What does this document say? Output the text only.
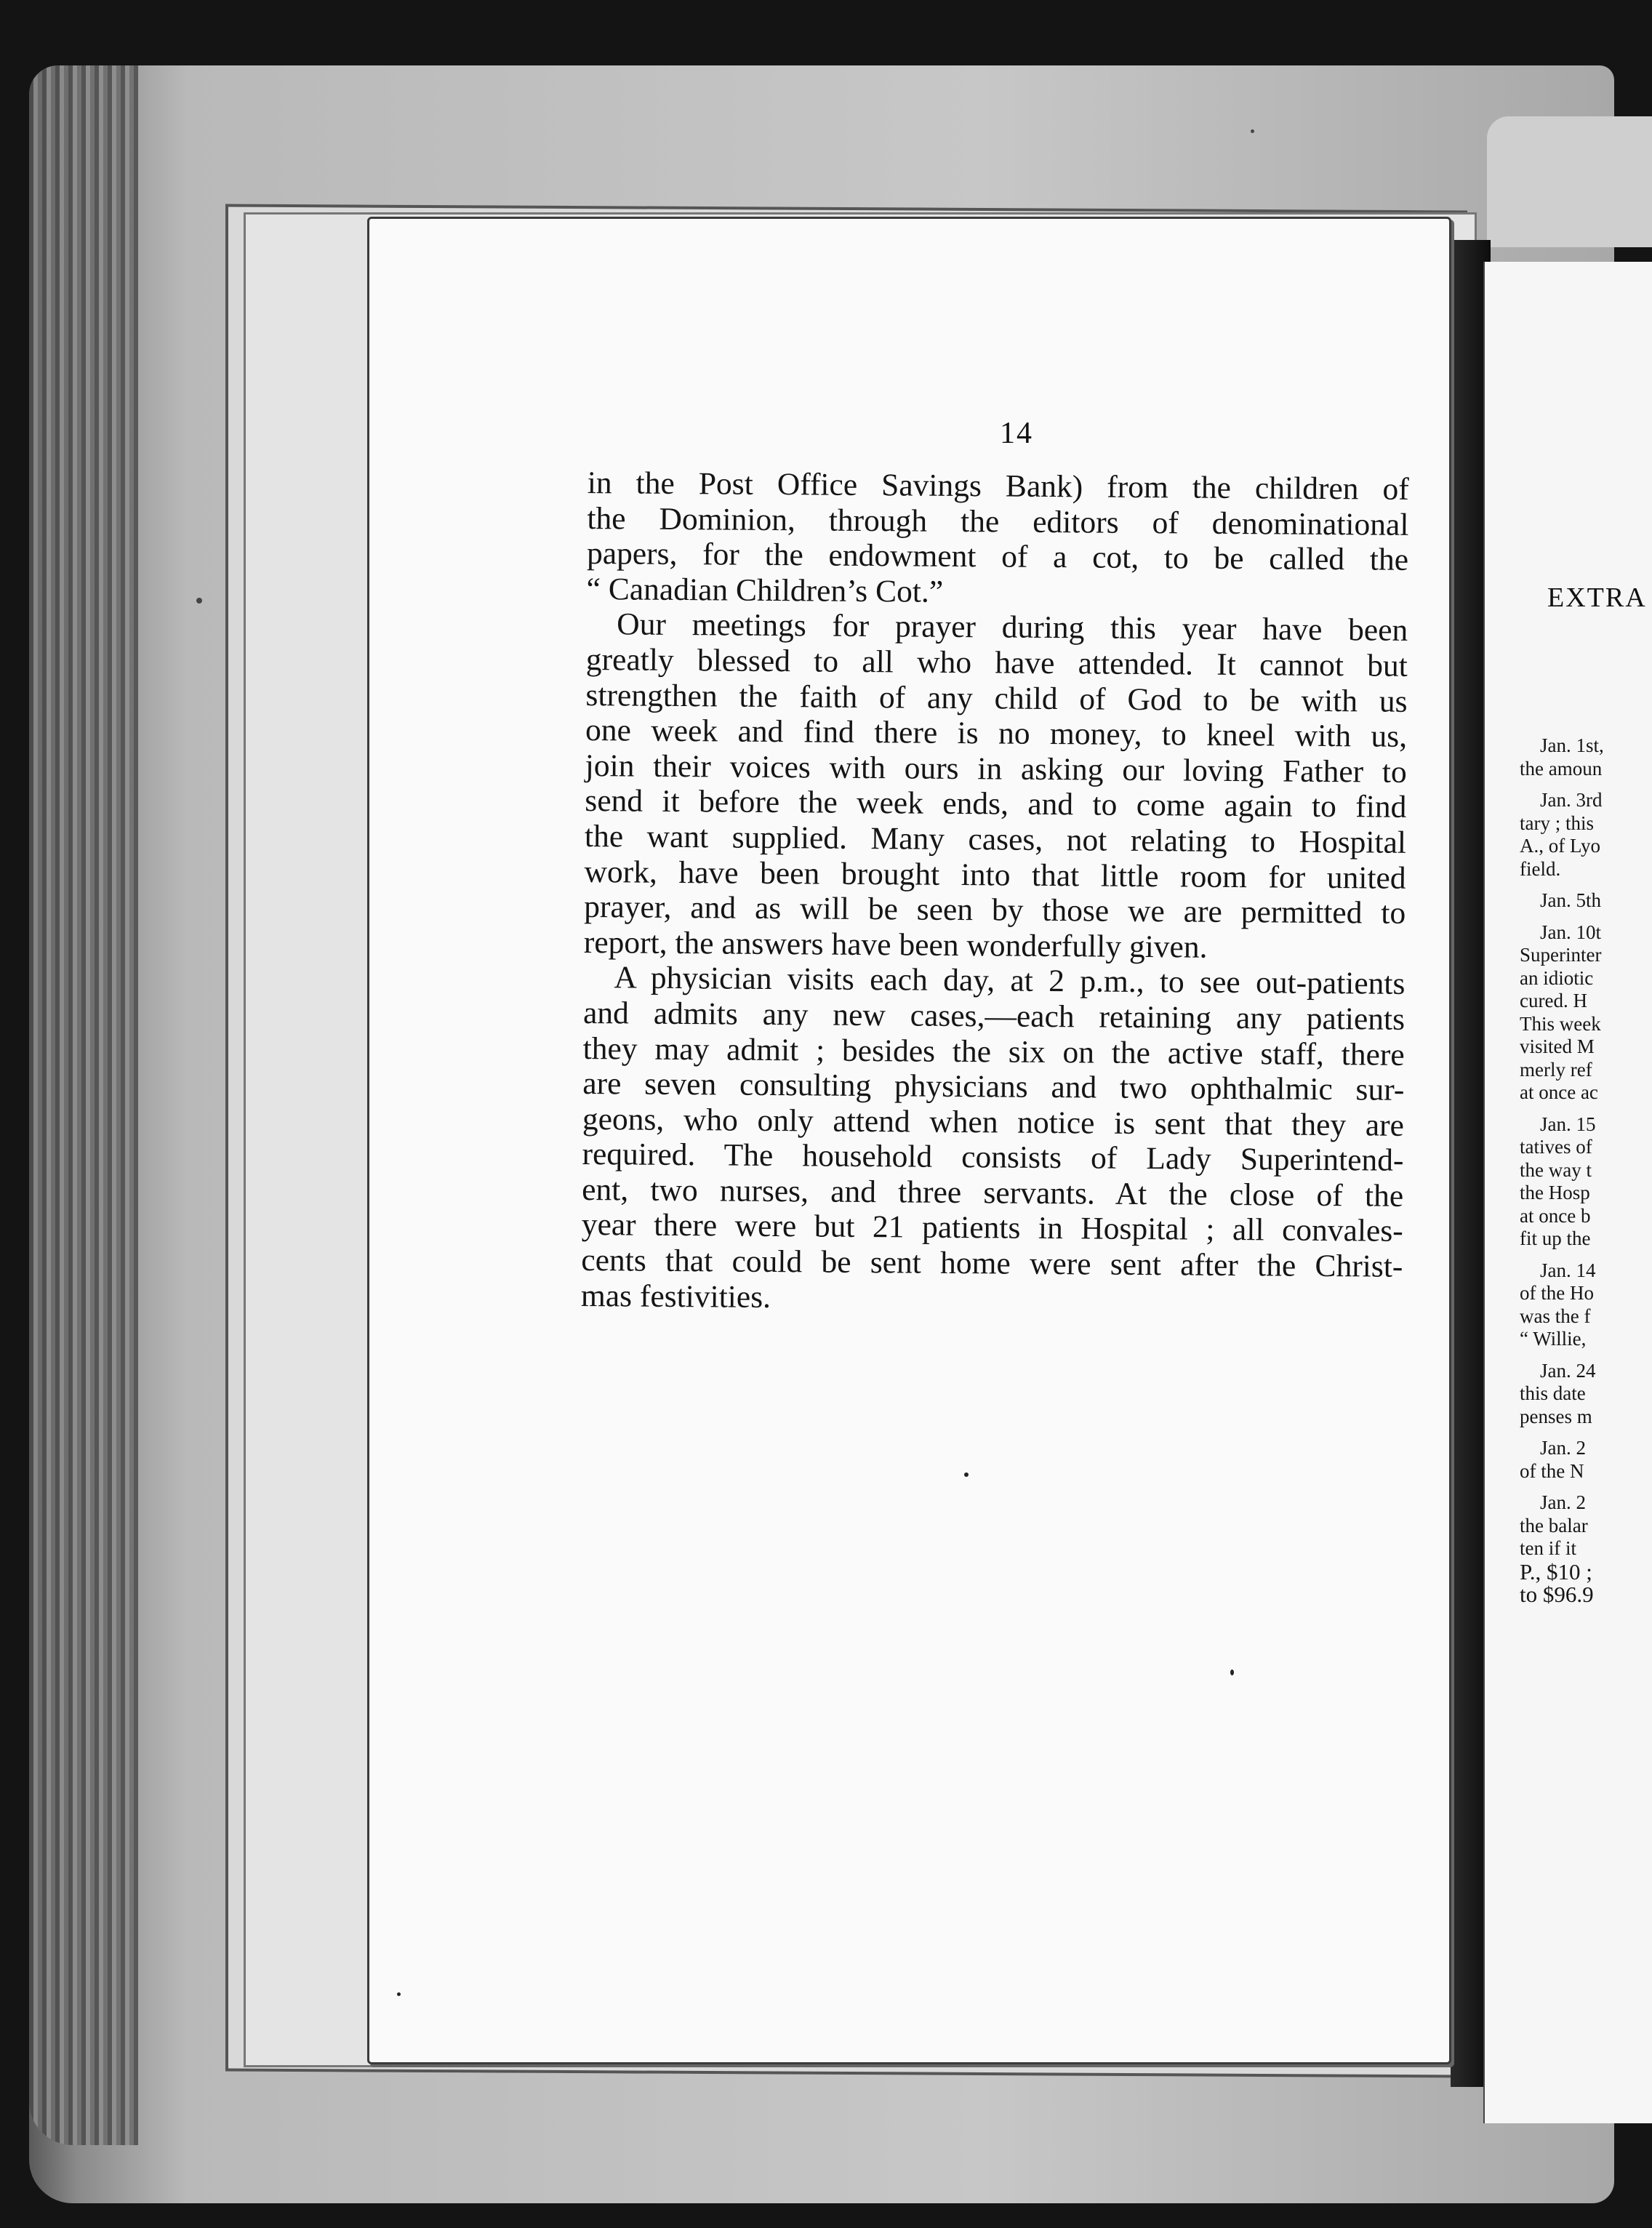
14
in the Post Office Savings Bank) from the children of
the Dominion, through the editors of denominational
papers, for the endowment of a cot, to be called the
“ Canadian Children’s Cot.”
Our meetings for prayer during this year have been
greatly blessed to all who have attended. It cannot but
strengthen the faith of any child of God to be with us
one week and find there is no money, to kneel with us,
join their voices with ours in asking our loving Father to
send it before the week ends, and to come again to find
the want supplied. Many cases, not relating to Hospital
work, have been brought into that little room for united
prayer, and as will be seen by those we are permitted to
report, the answers have been wonderfully given.
A physician visits each day, at 2 p.m., to see out-patients
and admits any new cases,—each retaining any patients
they may admit ; besides the six on the active staff, there
are seven consulting physicians and two ophthalmic sur-
geons, who only attend when notice is sent that they are
required. The household consists of Lady Superintend-
ent, two nurses, and three servants. At the close of the
year there were but 21 patients in Hospital ; all convales-
cents that could be sent home were sent after the Christ-
mas festivities.
EXTRA
Jan. 1st,
the amoun
Jan. 3rd
tary ; this
A., of Lyo
field.
Jan. 5th
Jan. 10t
Superinter
an idiotic
cured. H
This week
visited M
merly ref
at once ac
Jan. 15
tatives of
the way t
the Hosp
at once b
fit up the
Jan. 14
of the Ho
was the f
“ Willie,
Jan. 24
this date
penses m
Jan. 2
of the N
Jan. 2
the balar
ten if it
P., $10 ;
to $96.9
